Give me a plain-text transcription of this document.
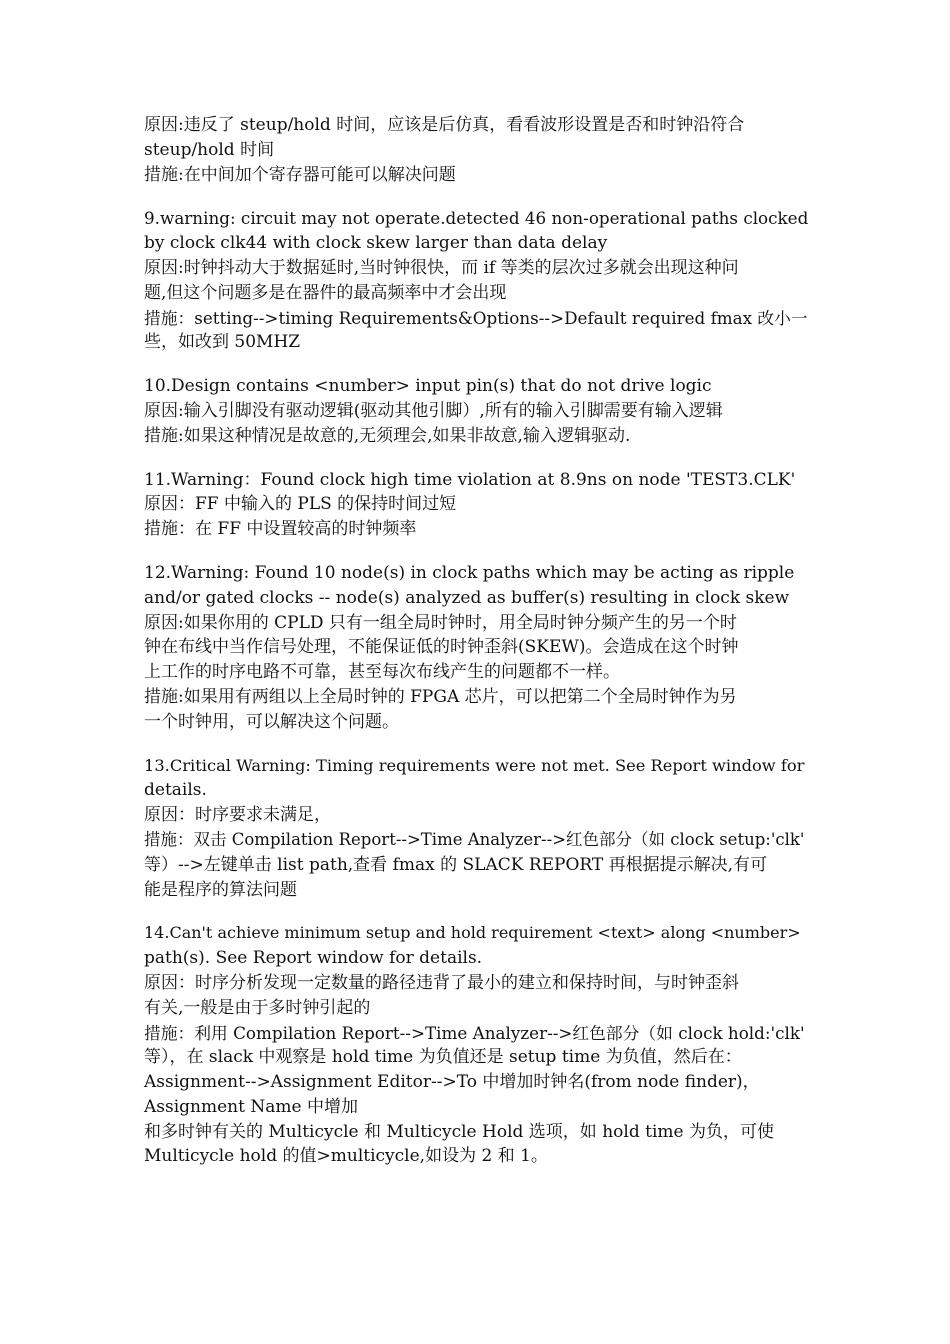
原因:违反了 steup/hold 时间，应该是后仿真，看看波形设置是否和时钟沿符合
steup/hold 时间
措施:在中间加个寄存器可能可以解决问题
9.warning: circuit may not operate.detected 46 non-operational paths clocked
by clock clk44 with clock skew larger than data delay
原因:时钟抖动大于数据延时,当时钟很快，而 if 等类的层次过多就会出现这种问
题,但这个问题多是在器件的最高频率中才会出现
措施：setting-->timing Requirements&Options-->Default required fmax 改小一
些，如改到 50MHZ
10.Design contains <number> input pin(s) that do not drive logic
原因:输入引脚没有驱动逻辑(驱动其他引脚）,所有的输入引脚需要有输入逻辑
措施:如果这种情况是故意的,无须理会,如果非故意,输入逻辑驱动.
11.Warning：Found clock high time violation at 8.9ns on node 'TEST3.CLK'
原因：FF 中输入的 PLS 的保持时间过短
措施：在 FF 中设置较高的时钟频率
12.Warning: Found 10 node(s) in clock paths which may be acting as ripple
and/or gated clocks -- node(s) analyzed as buffer(s) resulting in clock skew
原因:如果你用的 CPLD 只有一组全局时钟时，用全局时钟分频产生的另一个时
钟在布线中当作信号处理，不能保证低的时钟歪斜(SKEW)。会造成在这个时钟
上工作的时序电路不可靠，甚至每次布线产生的问题都不一样。
措施:如果用有两组以上全局时钟的 FPGA 芯片，可以把第二个全局时钟作为另
一个时钟用，可以解决这个问题。
13.Critical Warning: Timing requirements were not met. See Report window for
details.
原因：时序要求未满足，
措施：双击 Compilation Report-->Time Analyzer-->红色部分（如 clock setup:'clk'
等）-->左键单击 list path,查看 fmax 的 SLACK REPORT 再根据提示解决,有可
能是程序的算法问题
14.Can't achieve minimum setup and hold requirement <text> along <number>
path(s). See Report window for details.
原因：时序分析发现一定数量的路径违背了最小的建立和保持时间，与时钟歪斜
有关,一般是由于多时钟引起的
措施：利用 Compilation Report-->Time Analyzer-->红色部分（如 clock hold:'clk'
等），在 slack 中观察是 hold time 为负值还是 setup time 为负值，然后在：
Assignment-->Assignment Editor-->To 中增加时钟名(from node finder)，
Assignment Name 中增加
和多时钟有关的 Multicycle 和 Multicycle Hold 选项，如 hold time 为负，可使
Multicycle hold 的值>multicycle,如设为 2 和 1。
